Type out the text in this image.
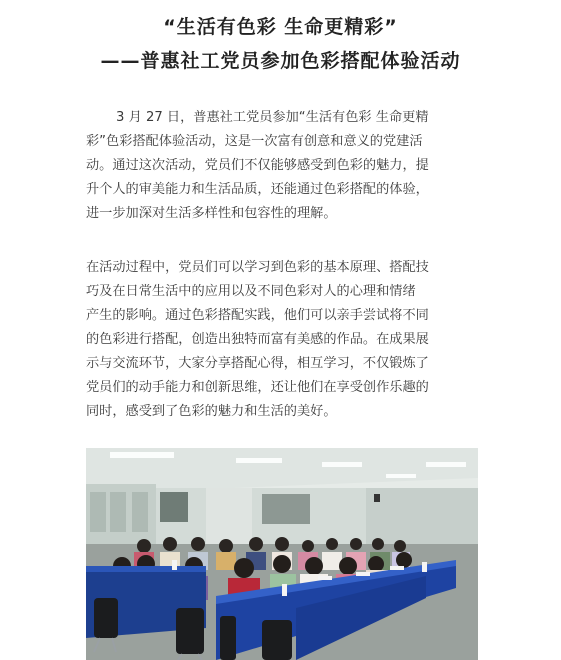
“生活有色彩 生命更精彩”
——普惠社工党员参加色彩搭配体验活动
3 月 27 日，普惠社工党员参加“生活有色彩 生命更精
彩”色彩搭配体验活动，这是一次富有创意和意义的党建活
动。通过这次活动，党员们不仅能够感受到色彩的魅力，提
升个人的审美能力和生活品质，还能通过色彩搭配的体验，
进一步加深对生活多样性和包容性的理解。
在活动过程中，党员们可以学习到色彩的基本原理、搭配技
巧及在日常生活中的应用以及不同色彩对人的心理和情绪
产生的影响。通过色彩搭配实践，他们可以亲手尝试将不同
的色彩进行搭配，创造出独特而富有美感的作品。在成果展
示与交流环节，大家分享搭配心得，相互学习，不仅锻炼了
党员们的动手能力和创新思维，还让他们在享受创作乐趣的
同时，感受到了色彩的魅力和生活的美好。
